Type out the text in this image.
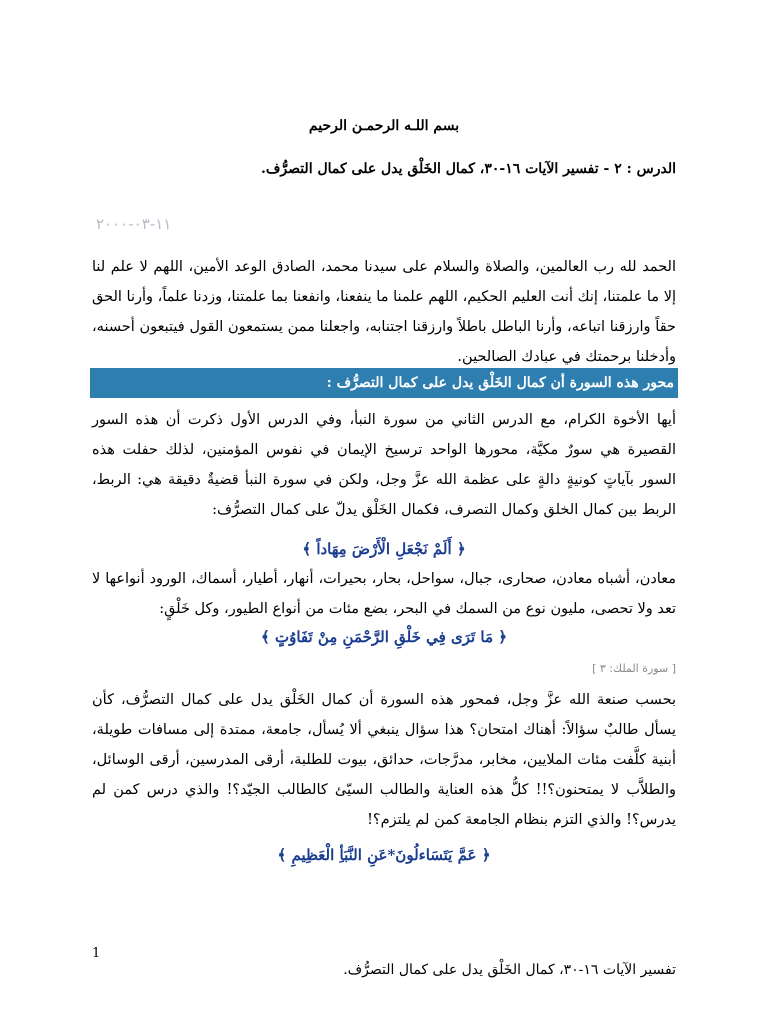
بسم اللـه الرحمـن الرحيم
الدرس : ٢ - تفسير الآيات ١٦-٣٠، كمال الخَلْق يدل على كمال التصرُّف.
١١-٠٣-٢٠٠٠
الحمد لله رب العالمين، والصلاة والسلام على سيدنا محمد، الصادق الوعد الأمين، اللهم لا علم لنا إلا ما علمتنا، إنك أنت العليم الحكيم، اللهم علمنا ما ينفعنا، وانفعنا بما علمتنا، وزدنا علماً، وأرنا الحق حقاً وارزقنا اتباعه، وأرنا الباطل باطلاً وارزقنا اجتنابه، واجعلنا ممن يستمعون القول فيتبعون أحسنه، وأدخلنا برحمتك في عبادك الصالحين.
محور هذه السورة أن كمال الخَلْق يدل على كمال التصرُّف :
أيها الأخوة الكرام، مع الدرس الثاني من سورة النبأ، وفي الدرس الأول ذكرت أن هذه السور القصيرة هي سورٌ مكيَّة، محورها الواحد ترسيخ الإيمان في نفوس المؤمنين، لذلك حفلت هذه السور بآياتٍ كونيةٍ دالةٍ على عظمة الله عزَّ وجل، ولكن في سورة النبأ قضيةٌ دقيقة هي: الربط، الربط بين كمال الخلق وكمال التصرف، فكمال الخَلْق يدلّ على كمال التصرُّف:
﴿ أَلَمْ نَجْعَلِ الْأَرْضَ مِهَاداً ﴾
معادن، أشباه معادن، صحارى، جبال، سواحل، بحار، بحيرات، أنهار، أطيار، أسماك، الورود أنواعها لا تعد ولا تحصى، مليون نوع من السمك في البحر، بضع مئات من أنواع الطيور، وكل خَلْقٍ:
﴿ مَا تَرَى فِي خَلْقِ الرَّحْمَنِ مِنْ تَفَاوُتٍ ﴾
[ سورة الملك: ٣ ]
بحسب صنعة الله عزَّ وجل، فمحور هذه السورة أن كمال الخَلْق يدل على كمال التصرُّف، كأن يسأل طالبٌ سؤالاً: أهناك امتحان؟ هذا سؤال ينبغي ألا يُسأل، جامعة، ممتدة إلى مسافات طويلة، أبنية كلَّفت مئات الملايين، مخابر، مدرَّجات، حدائق، بيوت للطلبة، أرقى المدرسين، أرقى الوسائل، والطلاَّب لا يمتحنون؟!! كلُّ هذه العناية والطالب السيّئ كالطالب الجيّد؟! والذي درس كمن لم يدرس؟! والذي التزم بنظام الجامعة كمن لم يلتزم؟!
﴿ عَمَّ يَتَسَاءلُونَ*عَنِ النَّبَأِ الْعَظِيمِ ﴾
1
تفسير الآيات ١٦-٣٠، كمال الخَلْق يدل على كمال التصرُّف.
